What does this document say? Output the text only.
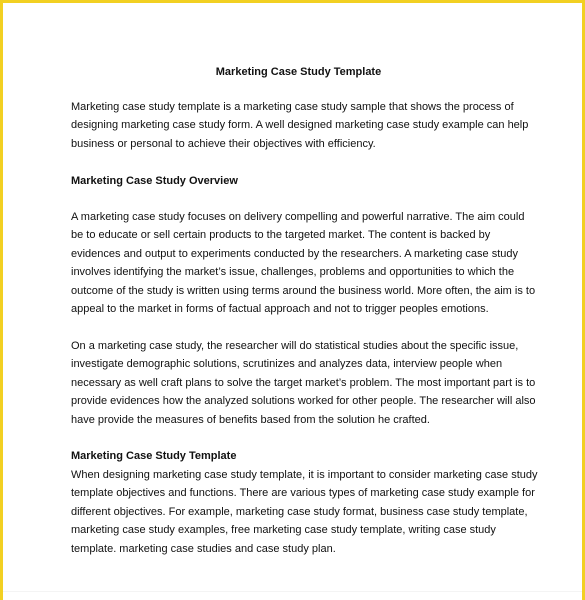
Marketing Case Study Template

Marketing case study template is a marketing case study sample that shows the process of
designing marketing case study form. A well designed marketing case study example can help
business or personal to achieve their objectives with efficiency.

Marketing Case Study Overview

A marketing case study focuses on delivery compelling and powerful narrative. The aim could
be to educate or sell certain products to the targeted market. The content is backed by
evidences and output to experiments conducted by the researchers. A marketing case study
involves identifying the market’s issue, challenges, problems and opportunities to which the
outcome of the study is written using terms around the business world. More often, the aim is to
appeal to the market in forms of factual approach and not to trigger peoples emotions.

On a marketing case study, the researcher will do statistical studies about the specific issue,
investigate demographic solutions, scrutinizes and analyzes data, interview people when
necessary as well craft plans to solve the target market’s problem. The most important part is to
provide evidences how the analyzed solutions worked for other people. The researcher will also
have provide the measures of benefits based from the solution he crafted.

Marketing Case Study Template

When designing marketing case study template, it is important to consider marketing case study
template objectives and functions. There are various types of marketing case study example for
different objectives. For example, marketing case study format, business case study template,
marketing case study examples, free marketing case study template, writing case study
template. marketing case studies and case study plan.
